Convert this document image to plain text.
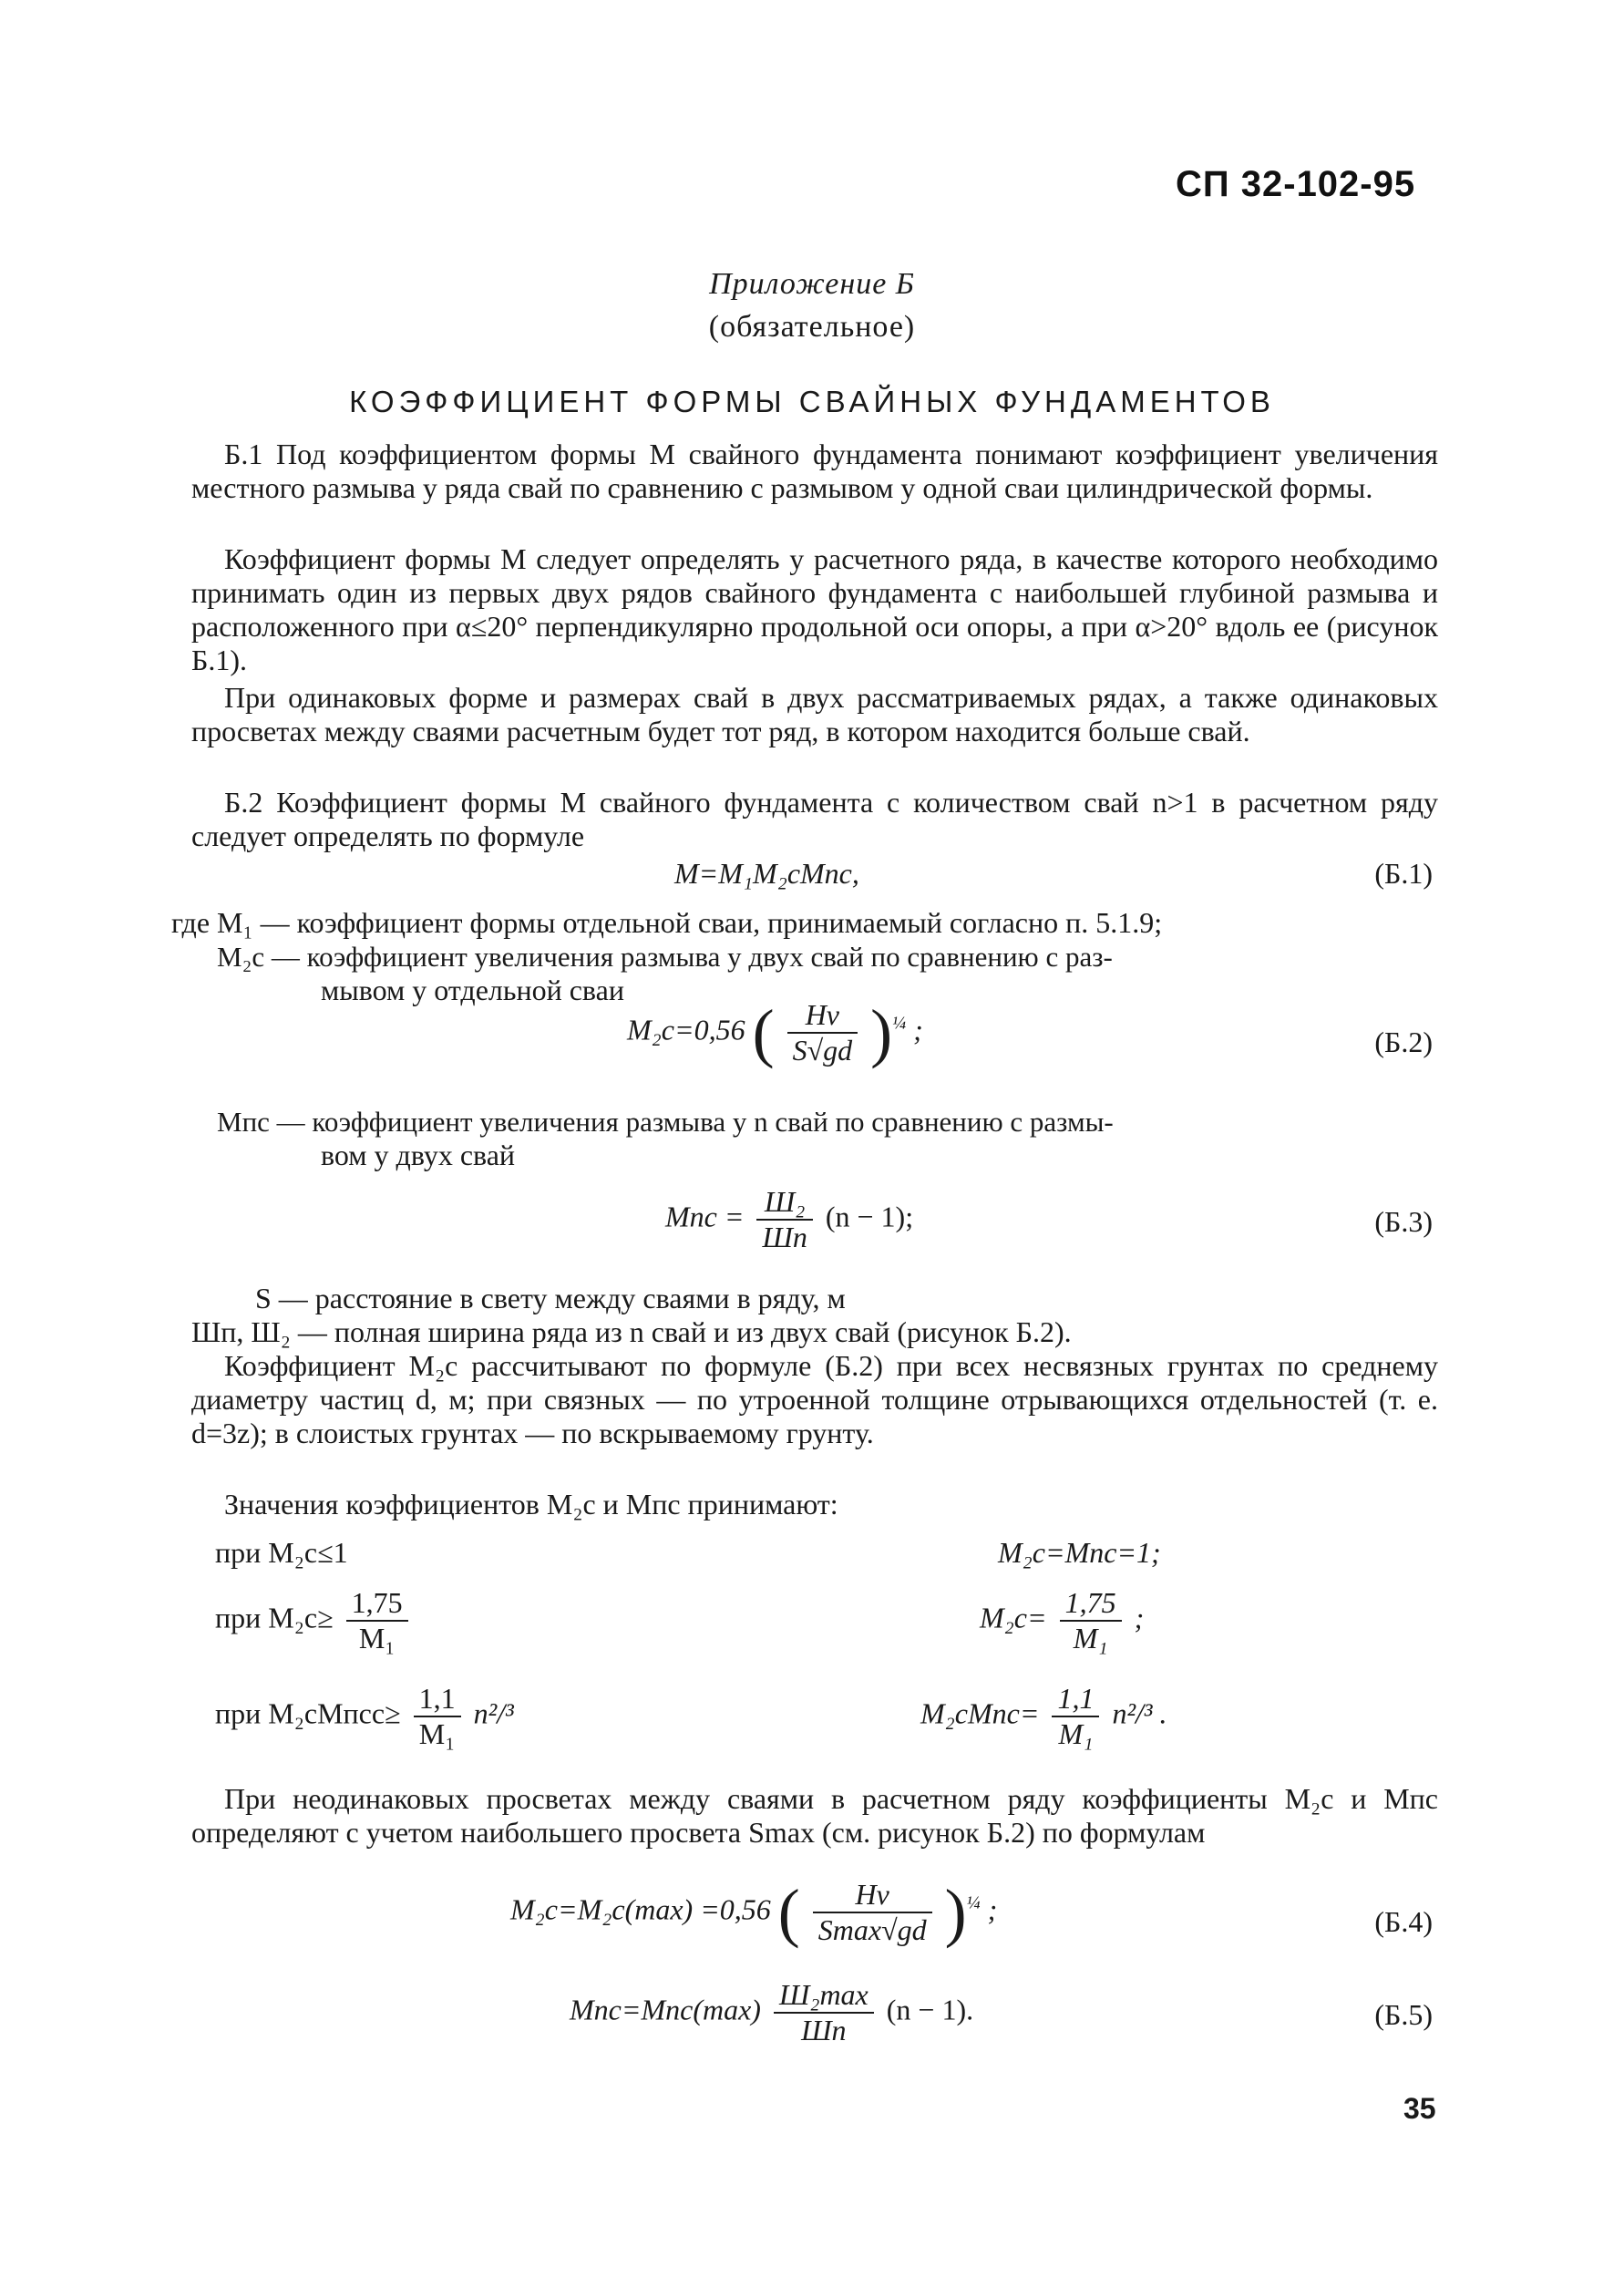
СП 32-102-95
Приложение Б
(обязательное)
КОЭФФИЦИЕНТ ФОРМЫ СВАЙНЫХ ФУНДАМЕНТОВ

Б.1 Под коэффициентом формы M свайного фундамента понимают коэффициент увеличения местного размыва у ряда свай по сравнению с размывом у одной сваи цилиндрической формы.

Коэффициент формы M следует определять у расчетного ряда, в качестве которого необходимо принимать один из первых двух рядов свайного фундамента с наибольшей глубиной размыва и расположенного при α≤20° перпендикулярно продольной оси опоры, а при α>20° вдоль ее (рисунок Б.1).

При одинаковых форме и размерах свай в двух рассматриваемых рядах, а также одинаковых просветах между сваями расчетным будет тот ряд, в котором находится больше свай.

Б.2 Коэффициент формы M свайного фундамента с количеством свай n>1 в расчетном ряду следует определять по формуле

M=M₁M₂cMпc,	(Б.1)
где M₁ — коэффициент формы отдельной сваи, принимаемый согласно п. 5.1.9;
M₂c — коэффициент увеличения размыва у двух свай по сравнению с раз-
мывом у отдельной сваи
M₂c=0,56 ( $\frac{Hv}{S√gd} )^{\frac{1}{4}}$ ;	(Б.2)
Mпc — коэффициент увеличения размыва у n свай по сравнению с размы-
вом у двух свай
Mпc = $\frac{\text{Ш₂}}{Шп} (n - 1)$;	(Б.3)
S — расстояние в свету между сваями в ряду, м
Шп, Ш₂ — полная ширина ряда из n свай и из двух свай (рисунок Б.2).

Коэффициент M₂c рассчитывают по формуле (Б.2) при всех несвязных грунтах по среднему диаметру частиц d, м; при связных — по утроенной толщине отрывающихся отдельностей (т. е. d=3z); в слоистых грунтах — по вскрываемому грунту.

Значения коэффициентов M₂c и Mпc принимают:
при M₂c≤1	M₂c=Mпc=1;
при $M_2c\ge \frac{1,75}{\text{M₁}}$	$M_2c= \frac{1,75}{\text{M₁}}$ ;
при M₂cMпcc≥ $\frac{1,1}{\text{M₁}} n^2/^3$	M₂cMпc= $\frac{1,1}{\text{M₁}} n^2/^3$ .

При неодинаковых просветах между сваями в расчетном ряду коэффициенты M₂c и Mпc определяют с учетом наибольшего просвета Smax (см. рисунок Б.2) по формулам

M₂c=M₂c(max) =0,56 ( $\frac{Hv}{Smax√gd} )^{\frac{1}{4}}$ ;	(Б.4)
$Mпc=Mпc(\max) \frac{\text{Ш₂max}}{Шп} (n - 1)$.	(Б.5)
35
